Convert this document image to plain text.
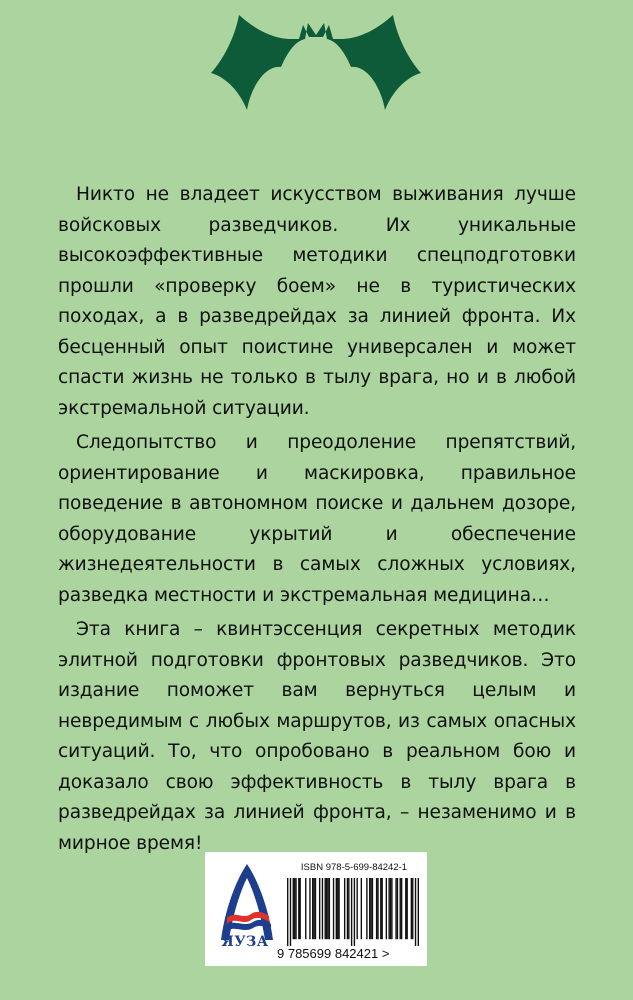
Никто не владеет искусством выживания лучше войсковых разведчиков. Их уникальные высокоэффективные методики спецподготовки прошли «проверку боем» не в туристических походах, а в разведрейдах за линией фронта. Их бесценный опыт поистине универсален и может спасти жизнь не только в тылу врага, но и в любой экстремальной ситуации.

Следопытство и преодоление препятствий, ориентирование и маскировка, правильное поведение в автономном поиске и дальнем дозоре, оборудование укрытий и обеспечение жизнедеятельности в самых сложных условиях, разведка местности и экстремальная медицина…

Эта книга – квинтэссенция секретных методик элитной подготовки фронтовых разведчиков. Это издание поможет вам вернуться целым и невредимым с любых маршрутов, из самых опасных ситуаций. То, что опробовано в реальном бою и доказало свою эффективность в тылу врага в разведрейдах за линией фронта, – незаменимо и в мирное время!

ЯУЗА
ISBN 978-5-699-84242-1
9 785699 842421 >
